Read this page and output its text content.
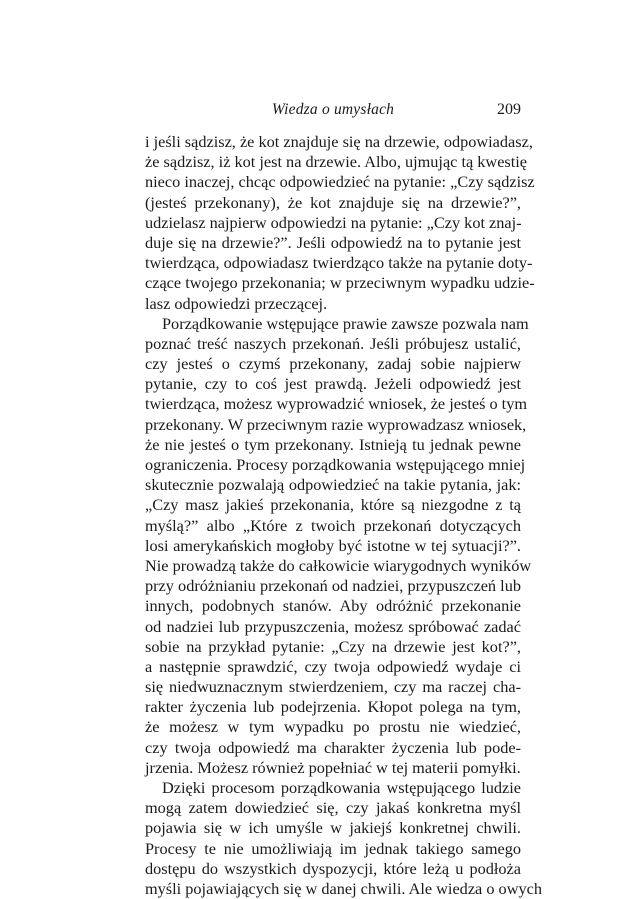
Wiedza o umysłach	209
i jeśli sądzisz, że kot znajduje się na drzewie, odpowiadasz,
że sądzisz, iż kot jest na drzewie. Albo, ujmując tą kwestię
nieco inaczej, chcąc odpowiedzieć na pytanie: „Czy sądzisz
(jesteś przekonany), że kot znajduje się na drzewie?”,
udzielasz najpierw odpowiedzi na pytanie: „Czy kot znaj-
duje się na drzewie?”. Jeśli odpowiedź na to pytanie jest
twierdząca, odpowiadasz twierdząco także na pytanie doty-
czące twojego przekonania; w przeciwnym wypadku udzie-
lasz odpowiedzi przeczącej.
Porządkowanie wstępujące prawie zawsze pozwala nam
poznać treść naszych przekonań. Jeśli próbujesz ustalić,
czy jesteś o czymś przekonany, zadaj sobie najpierw
pytanie, czy to coś jest prawdą. Jeżeli odpowiedź jest
twierdząca, możesz wyprowadzić wniosek, że jesteś o tym
przekonany. W przeciwnym razie wyprowadzasz wniosek,
że nie jesteś o tym przekonany. Istnieją tu jednak pewne
ograniczenia. Procesy porządkowania wstępującego mniej
skutecznie pozwalają odpowiedzieć na takie pytania, jak:
„Czy masz jakieś przekonania, które są niezgodne z tą
myślą?” albo „Które z twoich przekonań dotyczących
losi amerykańskich mogłoby być istotne w tej sytuacji?”.
Nie prowadzą także do całkowicie wiarygodnych wyników
przy odróżnianiu przekonań od nadziei, przypuszczeń lub
innych, podobnych stanów. Aby odróżnić przekonanie
od nadziei lub przypuszczenia, możesz spróbować zadać
sobie na przykład pytanie: „Czy na drzewie jest kot?”,
a następnie sprawdzić, czy twoja odpowiedź wydaje ci
się niedwuznacznym stwierdzeniem, czy ma raczej cha-
rakter życzenia lub podejrzenia. Kłopot polega na tym,
że możesz w tym wypadku po prostu nie wiedzieć,
czy twoja odpowiedź ma charakter życzenia lub pode-
jrzenia. Możesz również popełniać w tej materii pomyłki.
Dzięki procesom porządkowania wstępującego ludzie
mogą zatem dowiedzieć się, czy jakaś konkretna myśl
pojawia się w ich umyśle w jakiejś konkretnej chwili.
Procesy te nie umożliwiają im jednak takiego samego
dostępu do wszystkich dyspozycji, które leżą u podłoża
myśli pojawiających się w danej chwili. Ale wiedza o owych
